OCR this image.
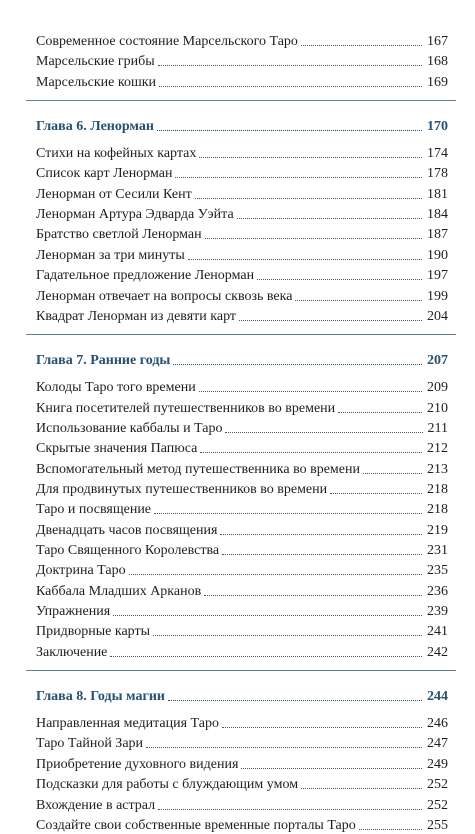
Современное состояние Марсельского Таро	167
Марсельские грибы	168
Марсельские кошки	169
Глава 6. Ленорман	170
Стихи на кофейных картах	174
Список карт Ленорман	178
Ленорман от Сесили Кент	181
Ленорман Артура Эдварда Уэйта	184
Братство светлой Ленорман	187
Ленорман за три минуты	190
Гадательное предложение Ленорман	197
Ленорман отвечает на вопросы сквозь века	199
Квадрат Ленорман из девяти карт	204
Глава 7. Ранние годы	207
Колоды Таро того времени	209
Книга посетителей путешественников во времени	210
Использование каббалы и Таро	211
Скрытые значения Папюса	212
Вспомогательный метод путешественника во времени	213
Для продвинутых путешественников во времени	218
Таро и посвящение	218
Двенадцать часов посвящения	219
Таро Священного Королевства	231
Доктрина Таро	235
Каббала Младших Арканов	236
Упражнения	239
Придворные карты	241
Заключение	242
Глава 8. Годы магии	244
Направленная медитация Таро	246
Таро Тайной Зари	247
Приобретение духовного видения	249
Подсказки для работы с блуждающим умом	252
Вхождение в астрал	252
Создайте свои собственные временные порталы Таро	255
